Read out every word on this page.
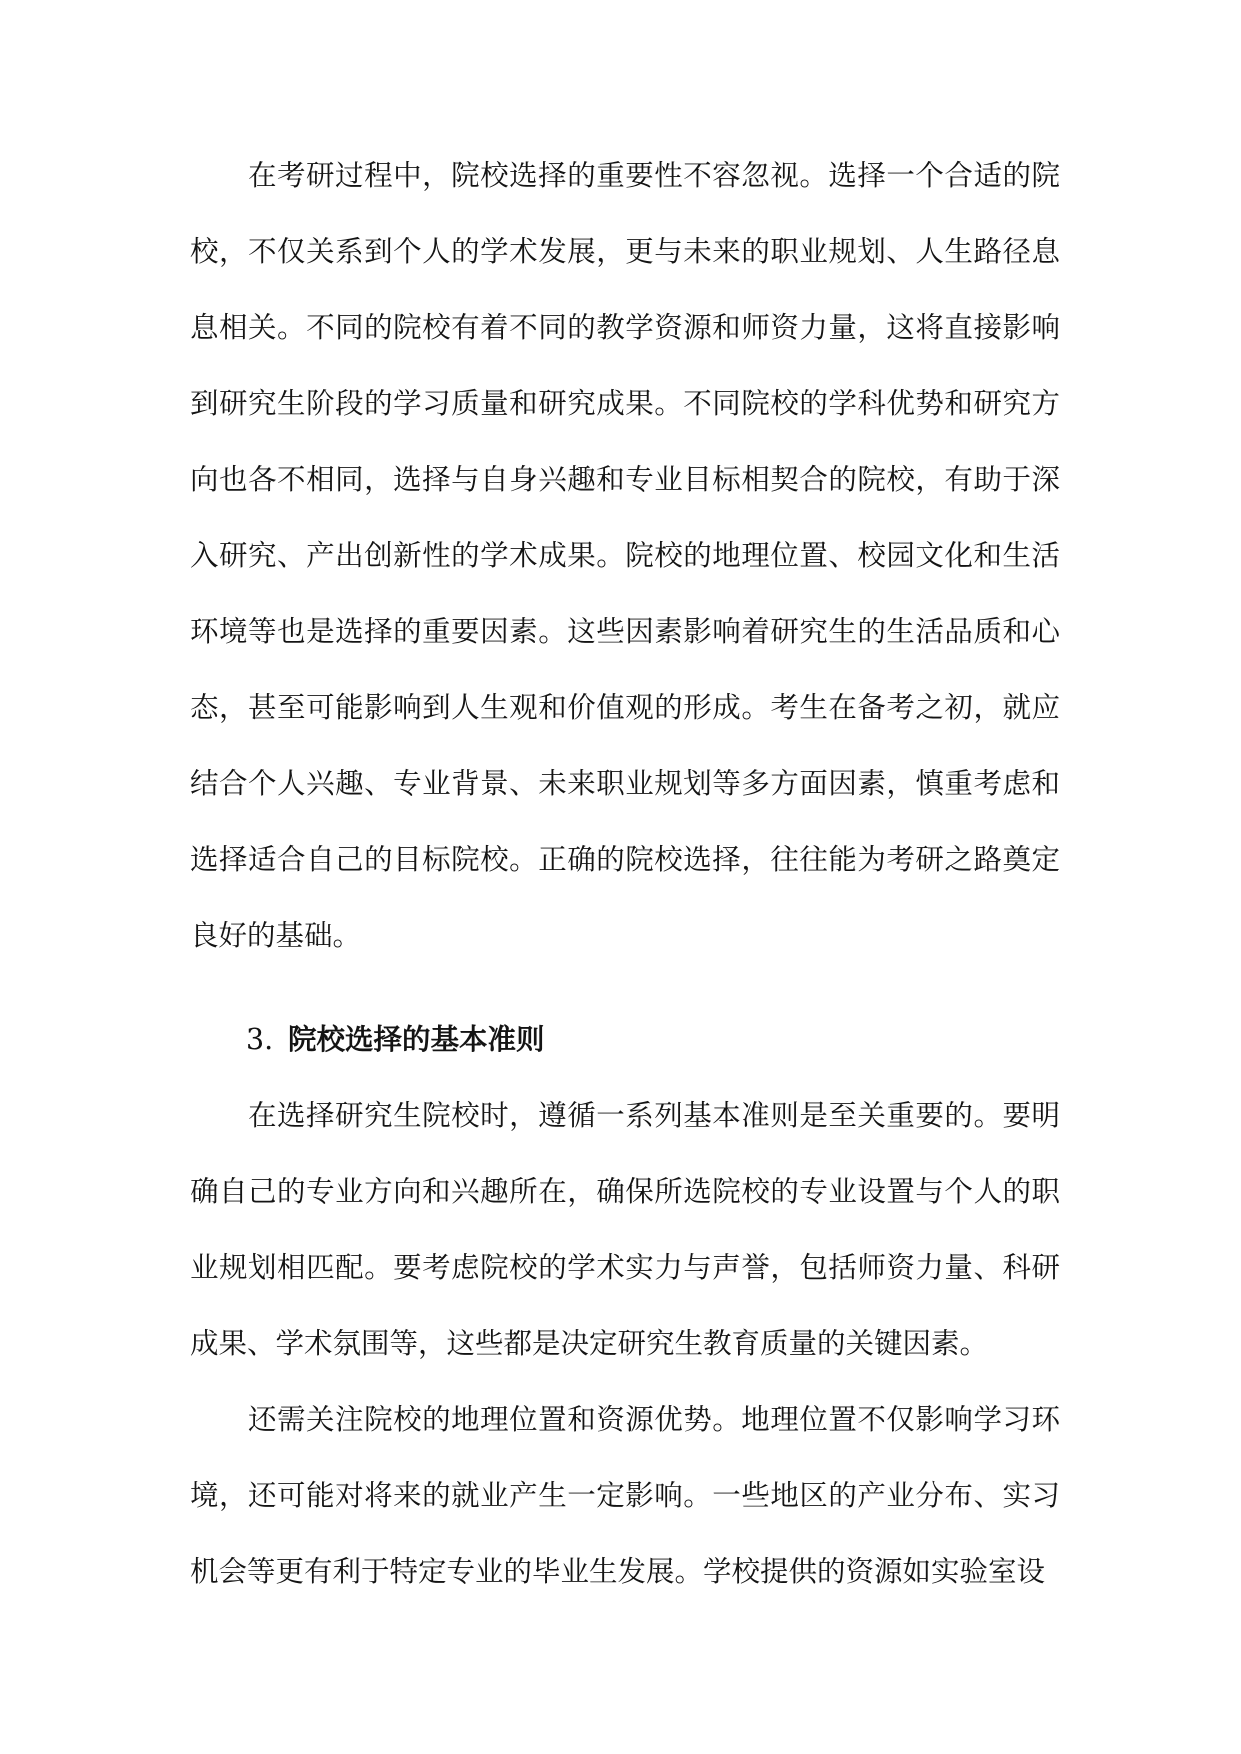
在考研过程中，院校选择的重要性不容忽视。选择一个合适的院校，不仅关系到个人的学术发展，更与未来的职业规划、人生路径息息相关。不同的院校有着不同的教学资源和师资力量，这将直接影响到研究生阶段的学习质量和研究成果。不同院校的学科优势和研究方向也各不相同，选择与自身兴趣和专业目标相契合的院校，有助于深入研究、产出创新性的学术成果。院校的地理位置、校园文化和生活环境等也是选择的重要因素。这些因素影响着研究生的生活品质和心态，甚至可能影响到人生观和价值观的形成。考生在备考之初，就应结合个人兴趣、专业背景、未来职业规划等多方面因素，慎重考虑和选择适合自己的目标院校。正确的院校选择，往往能为考研之路奠定良好的基础。

3. 院校选择的基本准则

在选择研究生院校时，遵循一系列基本准则是至关重要的。要明确自己的专业方向和兴趣所在，确保所选院校的专业设置与个人的职业规划相匹配。要考虑院校的学术实力与声誉，包括师资力量、科研成果、学术氛围等，这些都是决定研究生教育质量的关键因素。

还需关注院校的地理位置和资源优势。地理位置不仅影响学习环境，还可能对将来的就业产生一定影响。一些地区的产业分布、实习机会等更有利于特定专业的毕业生发展。学校提供的资源如实验室设
